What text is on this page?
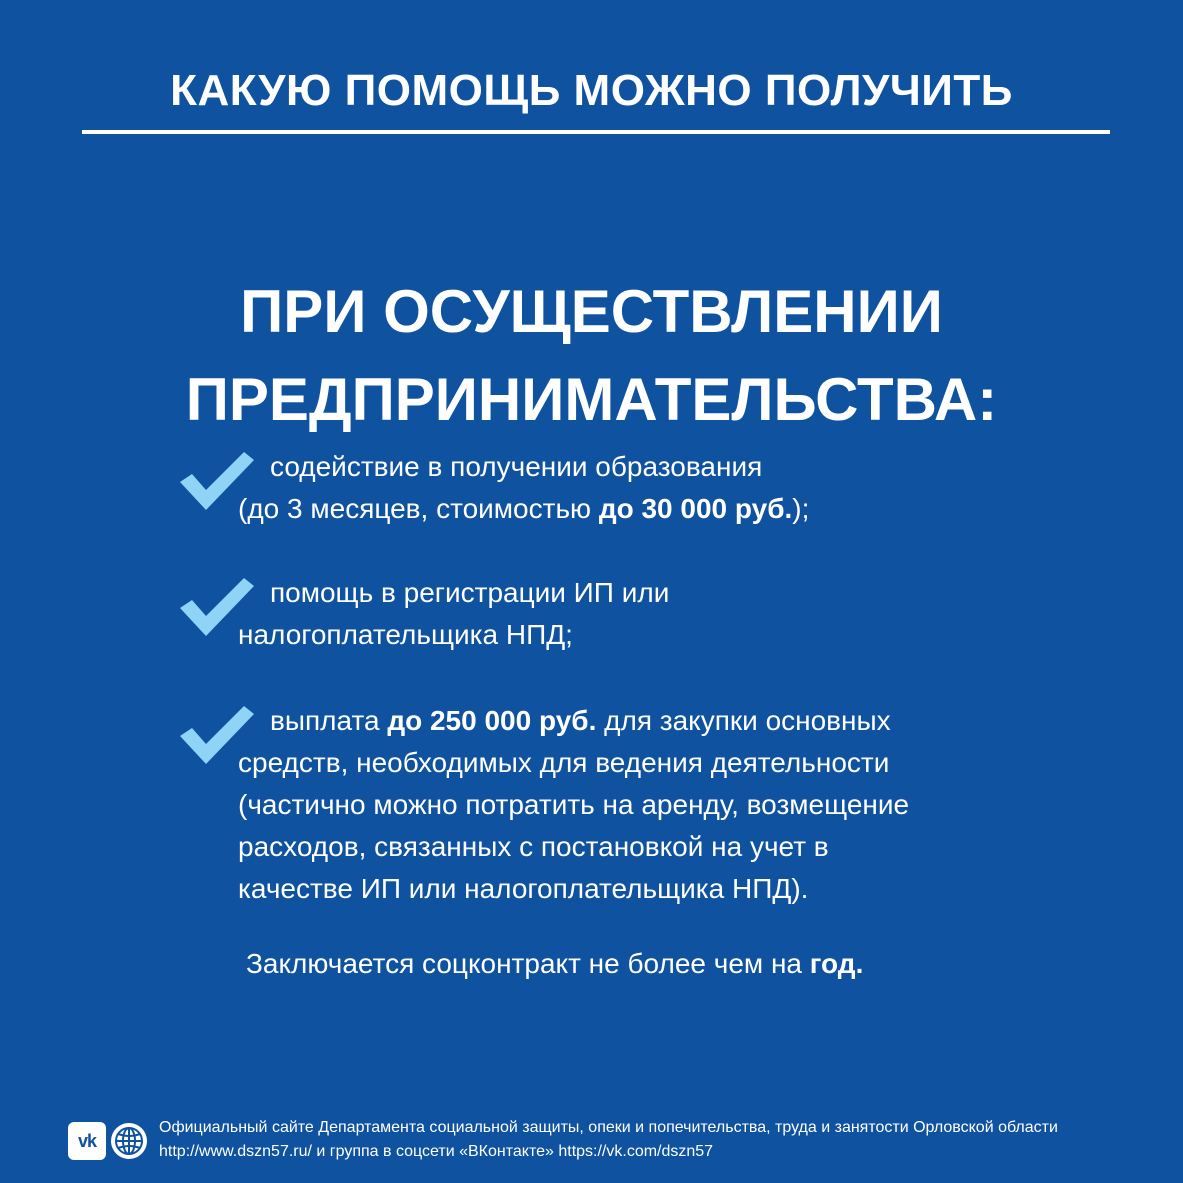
КАКУЮ ПОМОЩЬ МОЖНО ПОЛУЧИТЬ
ПРИ ОСУЩЕСТВЛЕНИИ
ПРЕДПРИНИМАТЕЛЬСТВА:
содействие в получении образования
(до 3 месяцев, стоимостью до 30 000 руб.);
помощь в регистрации ИП или
налогоплательщика НПД;
выплата до 250 000 руб. для закупки основных
средств, необходимых для ведения деятельности
(частично можно потратить на аренду, возмещение
расходов, связанных с постановкой на учет в
качестве ИП или налогоплательщика НПД).
Заключается соцконтракт не более чем на год.
vk
Официальный сайте Департамента социальной защиты, опеки и попечительства, труда и занятости Орловской области
http://www.dszn57.ru/ и группа в соцсети «ВКонтакте» https://vk.com/dszn57
